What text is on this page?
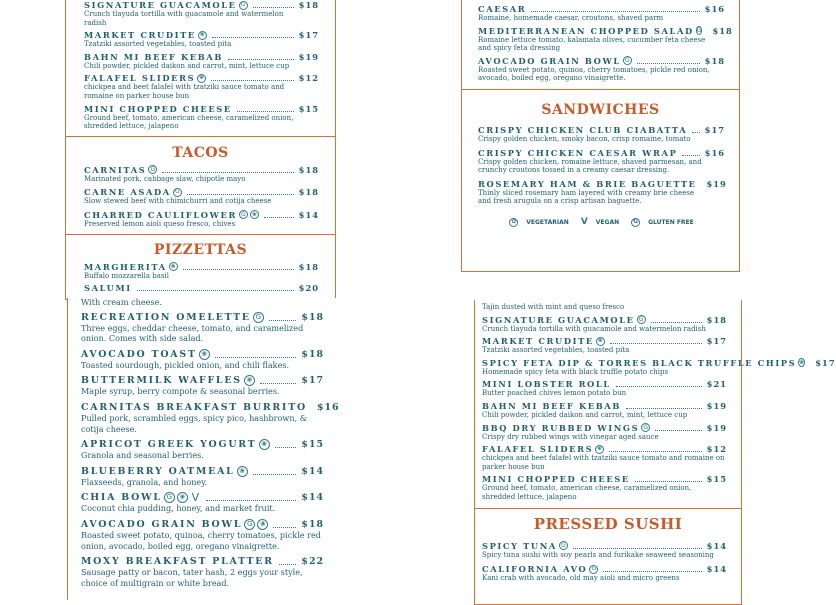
SIGNATURE GUACAMOLE G	$18
Crunch tlayuda tortilla with guacamole and watermelon
radish
MARKET CRUDITE ❀	$17
Tzatziki assorted vegetables, toasted pita
BAHN MI BEEF KEBAB	$19
Chili powder, pickled daikon and carrot, mint, lettuce cup
FALAFEL SLIDERS ❀	$12
chickpea and beet falafel with tzatziki sauce tomato and
romaine on parker house bun
MINI CHOPPED CHEESE	$15
Ground beef, tomato, american cheese, caramelized onion,
shredded lettuce, jalapeno
TACOS
CARNITAS G	$18
Marinated pork, cabbage slaw, chipotle mayo
CARNE ASADA G	$18
Slow stewed beef with chimichurri and cotija cheese
CHARRED CAULIFLOWER G	❀	$14
Preserved lemon aioli queso fresco, chives
PIZZETTAS
MARGHERITA ❀	$18
Buffalo mozzarella basil
SALUMI	$20
CAESAR	$16
Romaine, homemade caesar, croutons, shaved parm
MEDITERRANEAN CHOPPED SALAD G $18
Romaine lettuce tomato, kalamata olives, cucumber feta cheese
and spicy feta dressing
AVOCADO GRAIN BOWL G	$18
Roasted sweet potato, quinoa, cherry tomatoes, pickle red onion,
avocado, boiled egg, oregano vinaigrette.
SANDWICHES
CRISPY CHICKEN CLUB CIABATTA $17
Crispy golden chicken, smoky bacon, crisp romaine, tomato
CRISPY CHICKEN CAESAR WRAP	$16
Crispy golden chicken, romaine lettuce, shaved parmesan, and
crunchy croutons tossed in a creamy caesar dressing.
ROSEMARY HAM & BRIE BAGUETTE $19
Thinly sliced rosemary ham layered with creamy brie cheese
and fresh arugula on a crisp artisan baguette.
✿	VEGETARIAN V VEGAN	G	GLUTEN FREE
With cream cheese.
RECREATION OMELETTE G	$18
Three eggs, cheddar cheese, tomato, and caramelized
onion. Comes with side salad.
AVOCADO TOAST ❀	$18
Toasted sourdough, pickled onion, and chili flakes.
BUTTERMILK WAFFLES ❀	$17
Maple syrup, berry compote & seasonal berries.
CARNITAS BREAKFAST BURRITO $16
Pulled pork, scrambled eggs, spicy pico, hashbrown, &
cotija cheese.
APRICOT GREEK YOGURT ❀	$15
Granola and seasonal berries.
BLUEBERRY OATMEAL ❀	$14
Flaxseeds, granola, and honey.
CHIA BOWL G	❀ V	$14
Coconut chia pudding, honey, and market fruit.
AVOCADO GRAIN BOWL G	❀	$18
Roasted sweet potato, quinoa, cherry tomatoes, pickle red
onion, avocado, boiled egg, oregano vinaigrette.
MOXY BREAKFAST PLATTER	$22
Sausage patty or bacon, tater hash, 2 eggs your style,
choice of multigrain or white bread.
Tajin dusted with mint and queso fresco
SIGNATURE GUACAMOLE G	$18
Crunch tlayuda tortilla with guacamole and watermelon radish
MARKET CRUDITE ❀	$17
Tzatziki assorted vegetables, toasted pita
SPICY FETA DIP & TORRES BLACK TRUFFLE CHIPS ❀ $17
Homemade spicy feta with black truffle potato chips
MINI LOBSTER ROLL	$21
Butter poached chives lemon potato bun
BAHN MI BEEF KEBAB	$19
Chili powder, pickled daikon and carrot, mint, lettuce cup
BBQ DRY RUBBED WINGS G	$19
Crispy dry rubbed wings with vinegar aged sauce
FALAFEL SLIDERS ❀	$12
chickpea and beet falafel with tzatziki sauce tomato and romaine on
parker house bun
MINI CHOPPED CHEESE	$15
Ground beef, tomato, american cheese, caramelized onion,
shredded lettuce, jalapeno
PRESSED SUSHI
SPICY TUNA G	$14
Spicy tuna sushi with soy pearls and furikake seaweed seasoning
CALIFORNIA AVO G	$14
Kani crab with avocado, old may aioli and micro greens
